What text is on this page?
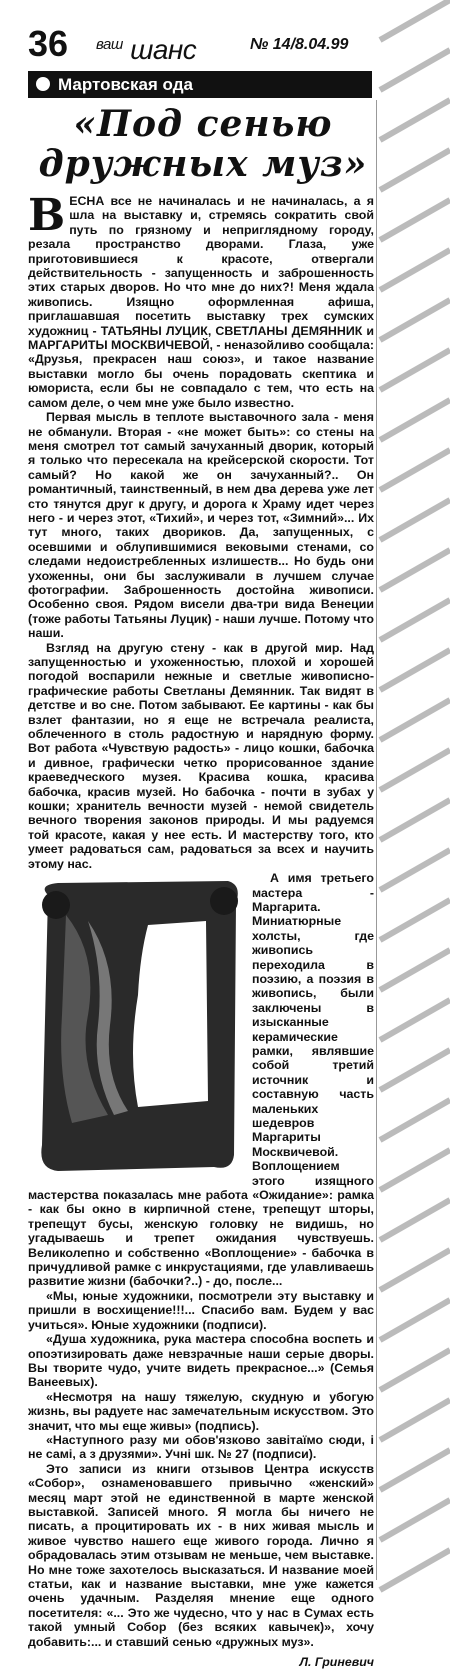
36 $^{ваш}$ шанс	№ 14/8.04.99
Мартовская ода
«Под сенью
дружных муз»

ВЕСНА все не начиналась и не начиналась, а я шла на выставку и, стремясь сократить свой путь по грязному и неприглядному городу, резала пространство дворами. Глаза, уже приготовившиеся к красоте, отвергали действительность - запущенность и заброшенность этих старых дворов. Но что мне до них?! Меня ждала живопись. Изящно оформленная афиша, приглашавшая посетить выставку трех сумских художниц - ТАТЬЯНЫ ЛУЦИК, СВЕТЛАНЫ ДЕМЯННИК и МАРГАРИТЫ МОСКВИЧЕВОЙ, - неназойливо сообщала: «Друзья, прекрасен наш союз», и такое название выставки могло бы очень порадовать скептика и юмориста, если бы не совпадало с тем, что есть на самом деле, о чем мне уже было известно.

Первая мысль в теплоте выставочного зала - меня не обманули. Вторая - «не может быть»: со стены на меня смотрел тот самый зачуханный дворик, который я только что пересекала на крейсерской скорости. Тот самый? Но какой же он зачуханный?.. Он романтичный, таинственный, в нем два дерева уже лет сто тянутся друг к другу, и дорога к Храму идет через него - и через этот, «Тихий», и через тот, «Зимний»... Их тут много, таких двориков. Да, запущенных, с осевшими и облупившимися вековыми стенами, со следами недоистребленных излишеств... Но будь они ухоженны, они бы заслуживали в лучшем случае фотографии. Заброшенность достойна живописи. Особенно своя. Рядом висели два-три вида Венеции (тоже работы Татьяны Луцик) - наши лучше. Потому что наши.

Взгляд на другую стену - как в другой мир. Над запущенностью и ухоженностью, плохой и хорошей погодой воспарили нежные и светлые живописно-графические работы Светланы Демянник. Так видят в детстве и во сне. Потом забывают. Ее картины - как бы взлет фантазии, но я еще не встречала реалиста, облеченного в столь радостную и нарядную форму. Вот работа «Чувствую радость» - лицо кошки, бабочка и дивное, графически четко прорисованное здание краеведческого музея. Красива кошка, красива бабочка, красив музей. Но бабочка - почти в зубах у кошки; хранитель вечности музей - немой свидетель вечного творения законов природы. И мы радуемся той красоте, какая у нее есть. И мастерству того, кто умеет радоваться сам, радоваться за всех и научить этому нас.

А имя третьего мастера - Маргарита. Миниатюрные холсты, где живопись переходила в поэзию, а поэзия в живопись, были заключены в изысканные керамические рамки, являвшие собой третий источник и составную часть маленьких шедевров Маргариты Москвичевой. Воплощением этого изящного мастерства показалась мне работа «Ожидание»: рамка - как бы окно в кирпичной стене, трепещут шторы, трепещут бусы, женскую головку не видишь, но угадываешь и трепет ожидания чувствуешь. Великолепно и собственно «Воплощение» - бабочка в причудливой рамке с инкрустациями, где улавливаешь развитие жизни (бабочки?..) - до, после...

«Мы, юные художники, посмотрели эту выставку и пришли в восхищение!!!... Спасибо вам. Будем у вас учиться». Юные художники (подписи).

«Душа художника, рука мастера способна воспеть и опоэтизировать даже невзрачные наши серые дворы. Вы творите чудо, учите видеть прекрасное...» (Семья Ванеевых).

«Несмотря на нашу тяжелую, скудную и убогую жизнь, вы радуете нас замечательным искусством. Это значит, что мы еще живы» (подпись).

«Наступного разу ми обов'язково завітаїмо сюди, і не самі, а з друзями». Учні шк. № 27 (подписи).

Это записи из книги отзывов Центра искусств «Собор», ознаменовавшего привычно «женский» месяц март этой не единственной в марте женской выставкой. Записей много. Я могла бы ничего не писать, а процитировать их - в них живая мысль и живое чувство нашего еще живого города. Лично я обрадовалась этим отзывам не меньше, чем выставке. Но мне тоже захотелось высказаться. И название моей статьи, как и название выставки, мне уже кажется очень удачным. Разделяя мнение еще одного посетителя: «... Это же чудесно, что у нас в Сумах есть такой умный Собор (без всяких кавычек)», хочу добавить:... и ставший сенью «дружных муз».

Л. Гриневич
